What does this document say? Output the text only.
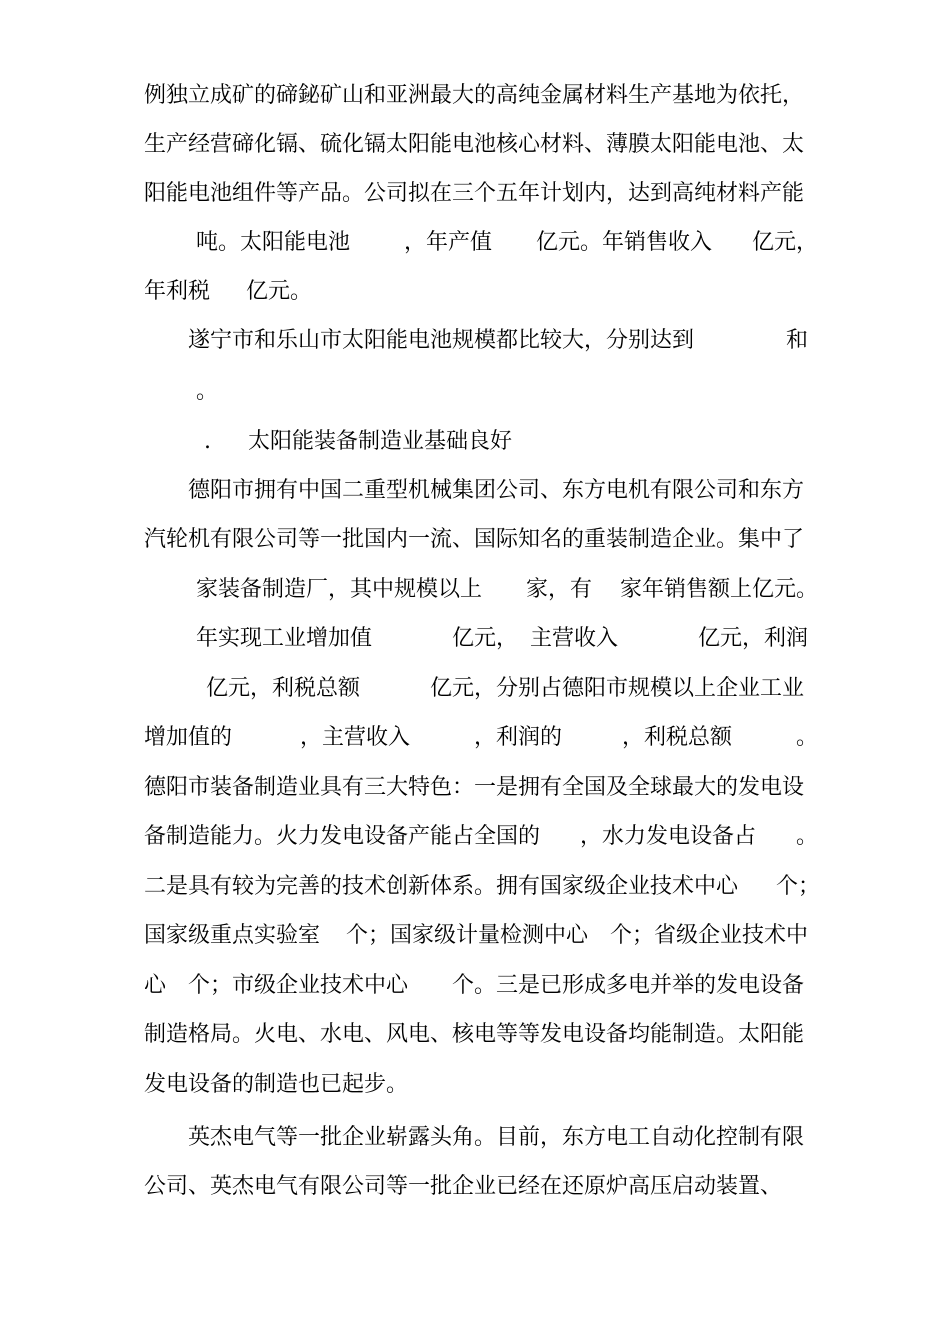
例独立成矿的碲鉍矿山和亚洲最大的高纯金属材料生产基地为依托，

生产经营碲化镉、硫化镉太阳能电池核心材料、薄膜太阳能电池、太

阳能电池组件等产品。公司拟在三个五年计划内，达到高纯材料产能

吨。太阳能电池

，年产值

亿元。年销售收入

亿元，

年利税

亿元。

遂宁市和乐山市太阳能电池规模都比较大，分别达到

	和

。

.

太阳能装备制造业基础良好

德阳市拥有中国二重型机械集团公司、东方电机有限公司和东方

汽轮机有限公司等一批国内一流、国际知名的重装制造企业。集中了

家装备制造厂，其中规模以上

家，有

家年销售额上亿元。

年实现工业增加值

	亿元，

主营收入

	亿元，利润

亿元，利税总额

	亿元，分别占德阳市规模以上企业工业

增加值的

	，主营收入

	，利润的

	，利税总额

	。

德阳市装备制造业具有三大特色：一是拥有全国及全球最大的发电设

备制造能力。火力发电设备产能占全国的

，水力发电设备占

。

二是具有较为完善的技术创新体系。拥有国家级企业技术中心

个；

国家级重点实验室

个；国家级计量检测中心

个；省级企业技术中

心

个；市级企业技术中心

个。三是已形成多电并举的发电设备

制造格局。火电、水电、风电、核电等等发电设备均能制造。太阳能

发电设备的制造也已起步。

英杰电气等一批企业崭露头角。目前，东方电工自动化控制有限

公司、英杰电气有限公司等一批企业已经在还原炉高压启动装置、
